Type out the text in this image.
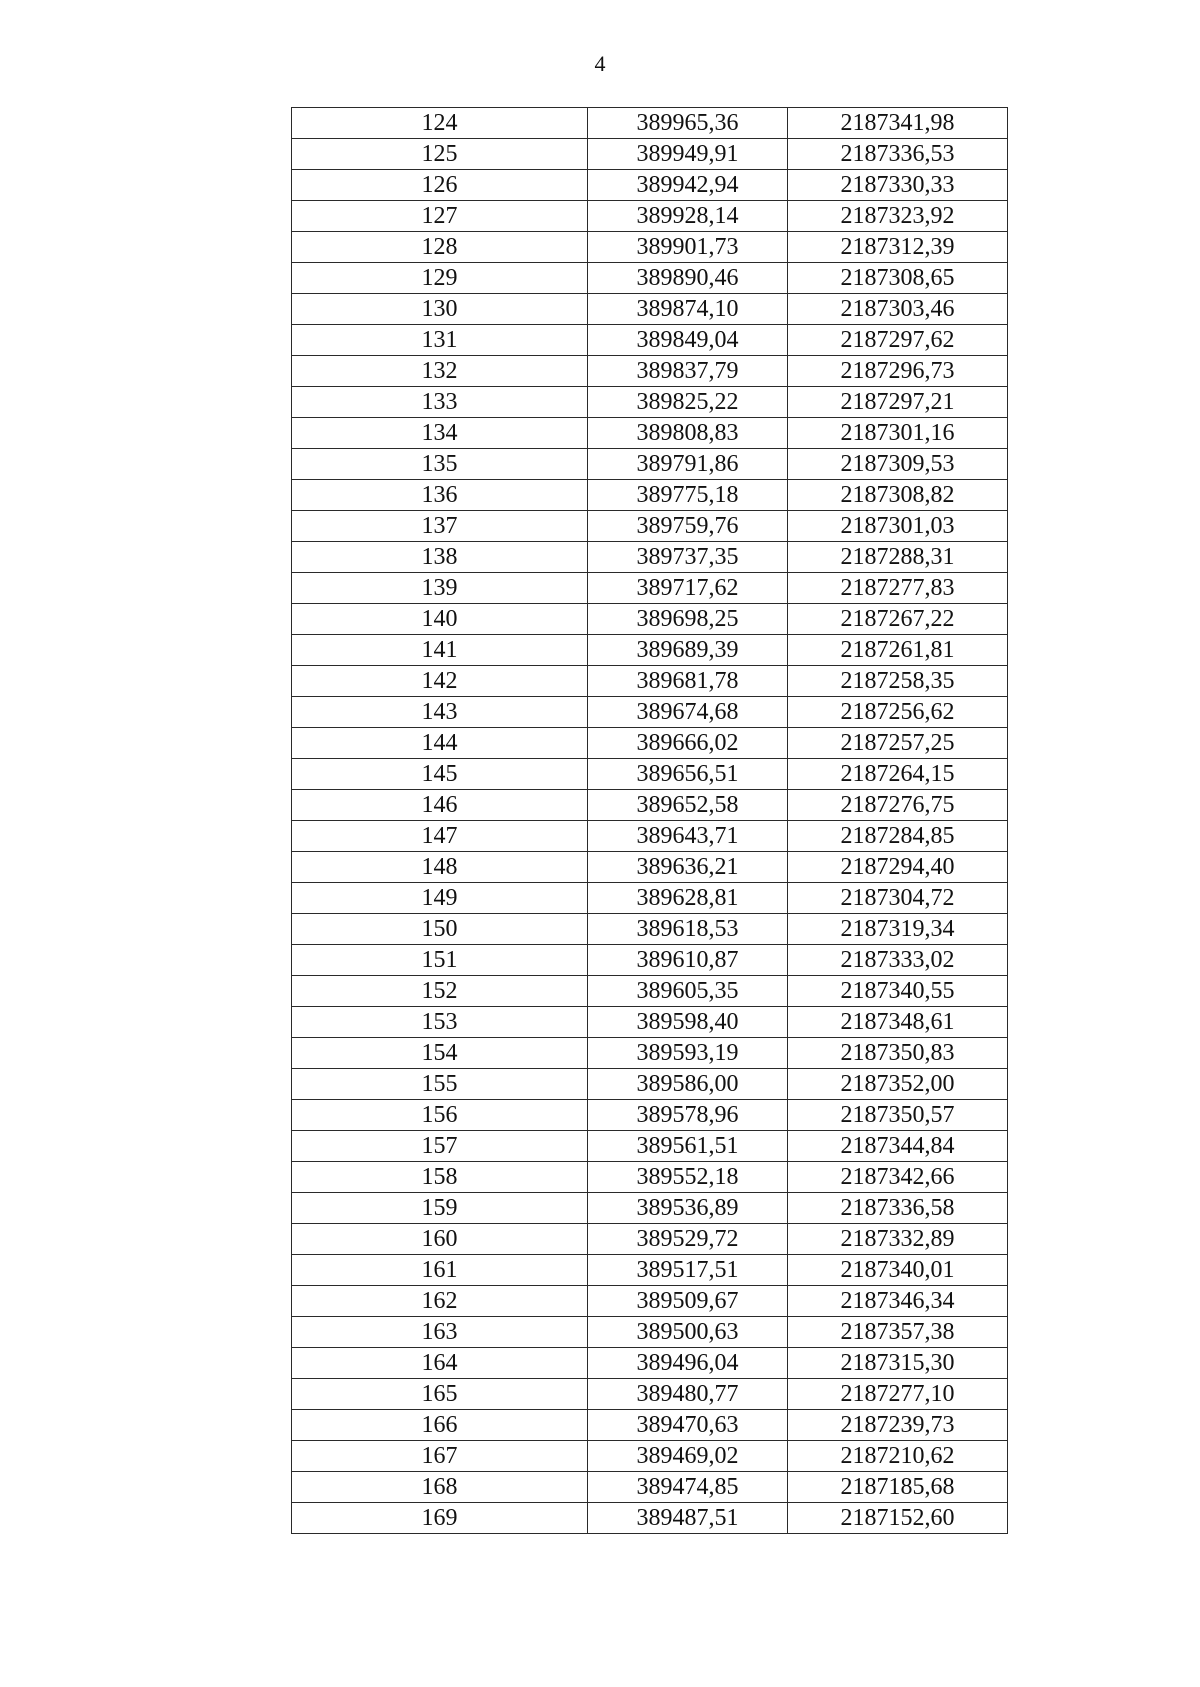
4
124	389965,36	2187341,98
125	389949,91	2187336,53
126	389942,94	2187330,33
127	389928,14	2187323,92
128	389901,73	2187312,39
129	389890,46	2187308,65
130	389874,10	2187303,46
131	389849,04	2187297,62
132	389837,79	2187296,73
133	389825,22	2187297,21
134	389808,83	2187301,16
135	389791,86	2187309,53
136	389775,18	2187308,82
137	389759,76	2187301,03
138	389737,35	2187288,31
139	389717,62	2187277,83
140	389698,25	2187267,22
141	389689,39	2187261,81
142	389681,78	2187258,35
143	389674,68	2187256,62
144	389666,02	2187257,25
145	389656,51	2187264,15
146	389652,58	2187276,75
147	389643,71	2187284,85
148	389636,21	2187294,40
149	389628,81	2187304,72
150	389618,53	2187319,34
151	389610,87	2187333,02
152	389605,35	2187340,55
153	389598,40	2187348,61
154	389593,19	2187350,83
155	389586,00	2187352,00
156	389578,96	2187350,57
157	389561,51	2187344,84
158	389552,18	2187342,66
159	389536,89	2187336,58
160	389529,72	2187332,89
161	389517,51	2187340,01
162	389509,67	2187346,34
163	389500,63	2187357,38
164	389496,04	2187315,30
165	389480,77	2187277,10
166	389470,63	2187239,73
167	389469,02	2187210,62
168	389474,85	2187185,68
169	389487,51	2187152,60
